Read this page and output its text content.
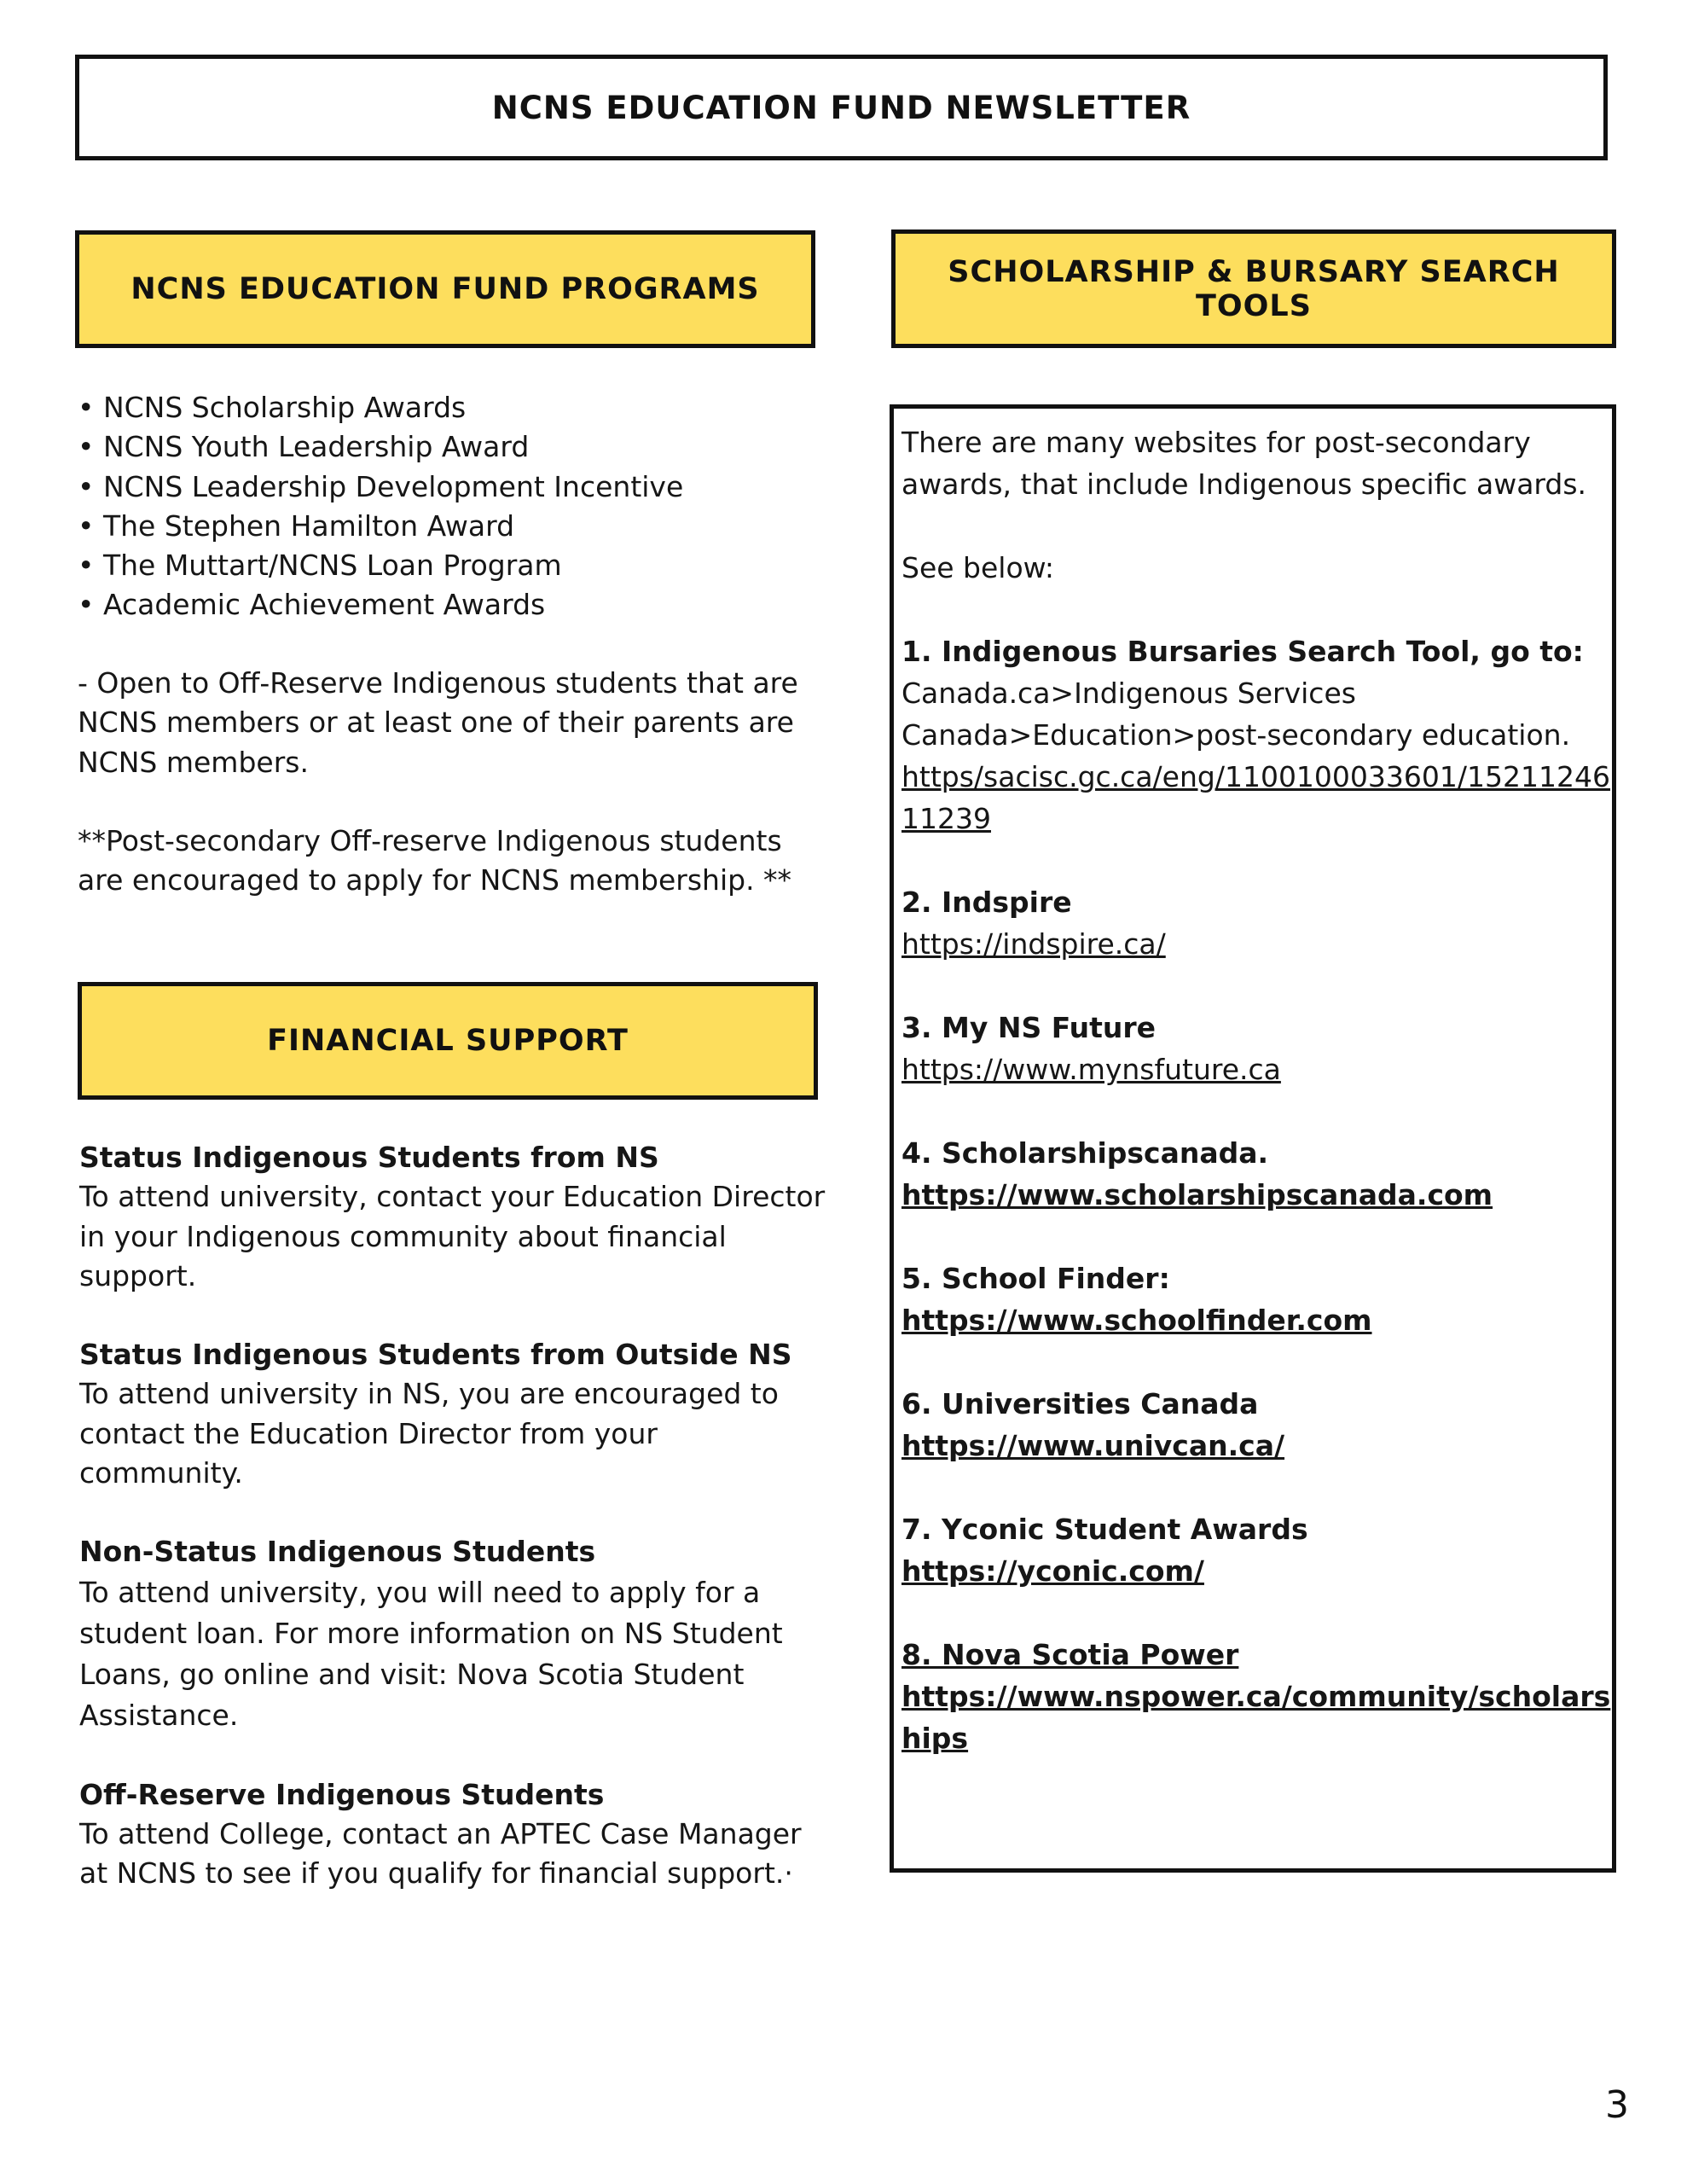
NCNS EDUCATION FUND NEWSLETTER
NCNS EDUCATION FUND PROGRAMS

• NCNS Scholarship Awards

• NCNS Youth Leadership Award

• NCNS Leadership Development Incentive

• The Stephen Hamilton Award

• The Muttart/NCNS Loan Program

• Academic Achievement Awards

- Open to Off-Reserve Indigenous students that are NCNS members or at least one of their parents are NCNS members.

**Post-secondary Off-reserve Indigenous students are encouraged to apply for NCNS membership. **

FINANCIAL SUPPORT

Status Indigenous Students from NS

To attend university, contact your Education Director in your Indigenous community about financial support.

Status Indigenous Students from Outside NS

To attend university in NS, you are encouraged to contact the Education Director from your community.

Non-Status Indigenous Students

To attend university, you will need to apply for a student loan. For more information on NS Student Loans, go online and visit: Nova Scotia Student Assistance.

Off-Reserve Indigenous Students

To attend College, contact an APTEC Case Manager at NCNS to see if you qualify for financial support.·

SCHOLARSHIP & BURSARY SEARCH TOOLS

There are many websites for post-secondary awards, that include Indigenous specific awards.

See below:

1. Indigenous Bursaries Search Tool, go to:

Canada.ca>Indigenous Services Canada>Education>post-secondary education.

https/sacisc.gc.ca/eng/1100100033601/1521124611239

2. Indspire

https://indspire.ca/

3. My NS Future

https://www.mynsfuture.ca

4. Scholarshipscanada.

https://www.scholarshipscanada.com

5. School Finder:

https://www.schoolfinder.com

6. Universities Canada

https://www.univcan.ca/

7. Yconic Student Awards

https://yconic.com/

8. Nova Scotia Power

https://www.nspower.ca/community/scholarships

3
